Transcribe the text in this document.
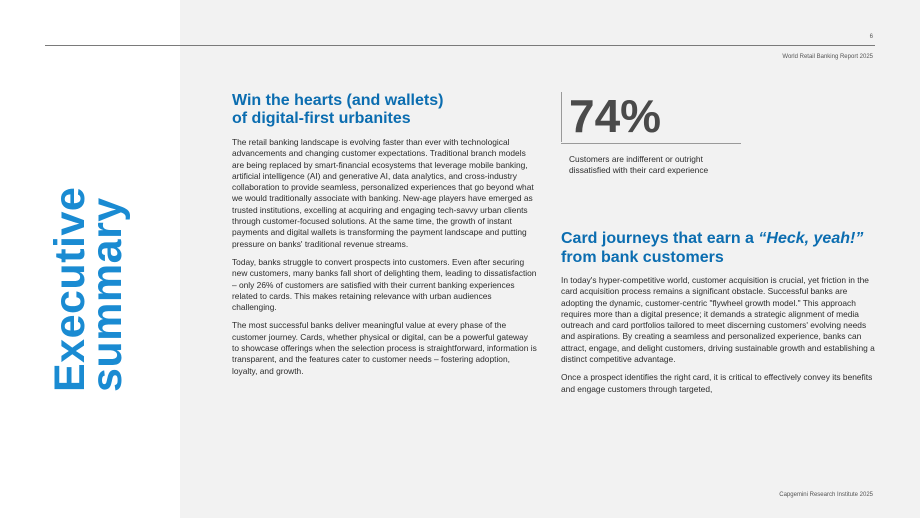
6
World Retail Banking Report 2025
Executive
summary
Win the hearts (and wallets)
of digital-first urbanites

The retail banking landscape is evolving faster than ever with technological advancements and changing customer expectations. Traditional branch models are being replaced by smart-financial ecosystems that leverage mobile banking, artificial intelligence (AI) and generative AI, data analytics, and cross-industry collaboration to provide seamless, personalized experiences that go beyond what we would traditionally associate with banking. New-age players have emerged as trusted institutions, excelling at acquiring and engaging tech-savvy urban clients through customer-focused solutions. At the same time, the growth of instant payments and digital wallets is transforming the payment landscape and putting pressure on banks' traditional revenue streams.

Today, banks struggle to convert prospects into customers. Even after securing new customers, many banks fall short of delighting them, leading to dissatisfaction – only 26% of customers are satisfied with their current banking experiences related to cards. This makes retaining relevance with urban audiences challenging.

The most successful banks deliver meaningful value at every phase of the customer journey. Cards, whether physical or digital, can be a powerful gateway to showcase offerings when the selection process is straightforward, information is transparent, and the features cater to customer needs – fostering adoption, loyalty, and growth.

74%
Customers are indifferent or outright dissatisfied with their card experience
Card journeys that earn a “Heck, yeah!” from bank customers

In today's hyper-competitive world, customer acquisition is crucial, yet friction in the card acquisition process remains a significant obstacle. Successful banks are adopting the dynamic, customer-centric "flywheel growth model." This approach requires more than a digital presence; it demands a strategic alignment of media outreach and card portfolios tailored to meet discerning customers' evolving needs and aspirations. By creating a seamless and personalized experience, banks can attract, engage, and delight customers, driving sustainable growth and establishing a distinct competitive advantage.

Once a prospect identifies the right card, it is critical to effectively convey its benefits and engage customers through targeted,

Capgemini Research Institute 2025
